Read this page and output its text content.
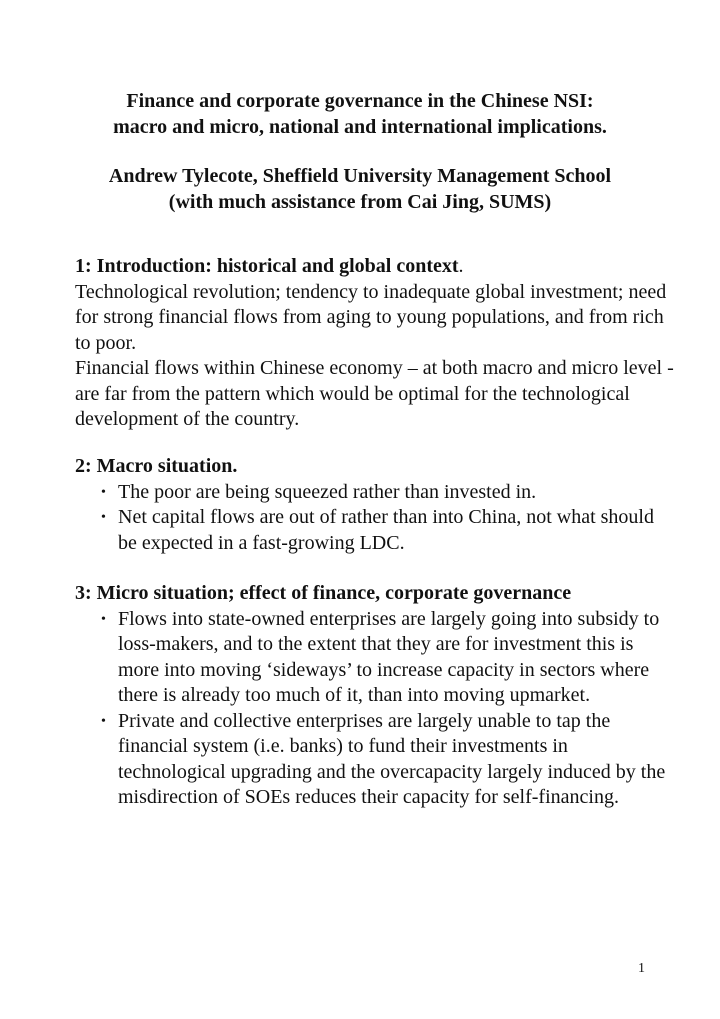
Finance and corporate governance in the Chinese NSI:

macro and micro, national and international implications.

Andrew Tylecote, Sheffield University Management School

(with much assistance from Cai Jing, SUMS)

1: Introduction: historical and global context.

Technological revolution; tendency to inadequate global investment; need for strong financial flows from aging to young populations, and from rich to poor.

Financial flows within Chinese economy – at both macro and micro level - are far from the pattern which would be optimal for the technological development of the country.

2: Macro situation.

• The poor are being squeezed rather than invested in.
• Net capital flows are out of rather than into China, not what should be expected in a fast-growing LDC.

3: Micro situation; effect of finance, corporate governance

• Flows into state-owned enterprises are largely going into subsidy to loss-makers, and to the extent that they are for investment this is more into moving ‘sideways’ to increase capacity in sectors where there is already too much of it, than into moving upmarket.
• Private and collective enterprises are largely unable to tap the financial system (i.e. banks) to fund their investments in technological upgrading and the overcapacity largely induced by the misdirection of SOEs reduces their capacity for self-financing.
1
